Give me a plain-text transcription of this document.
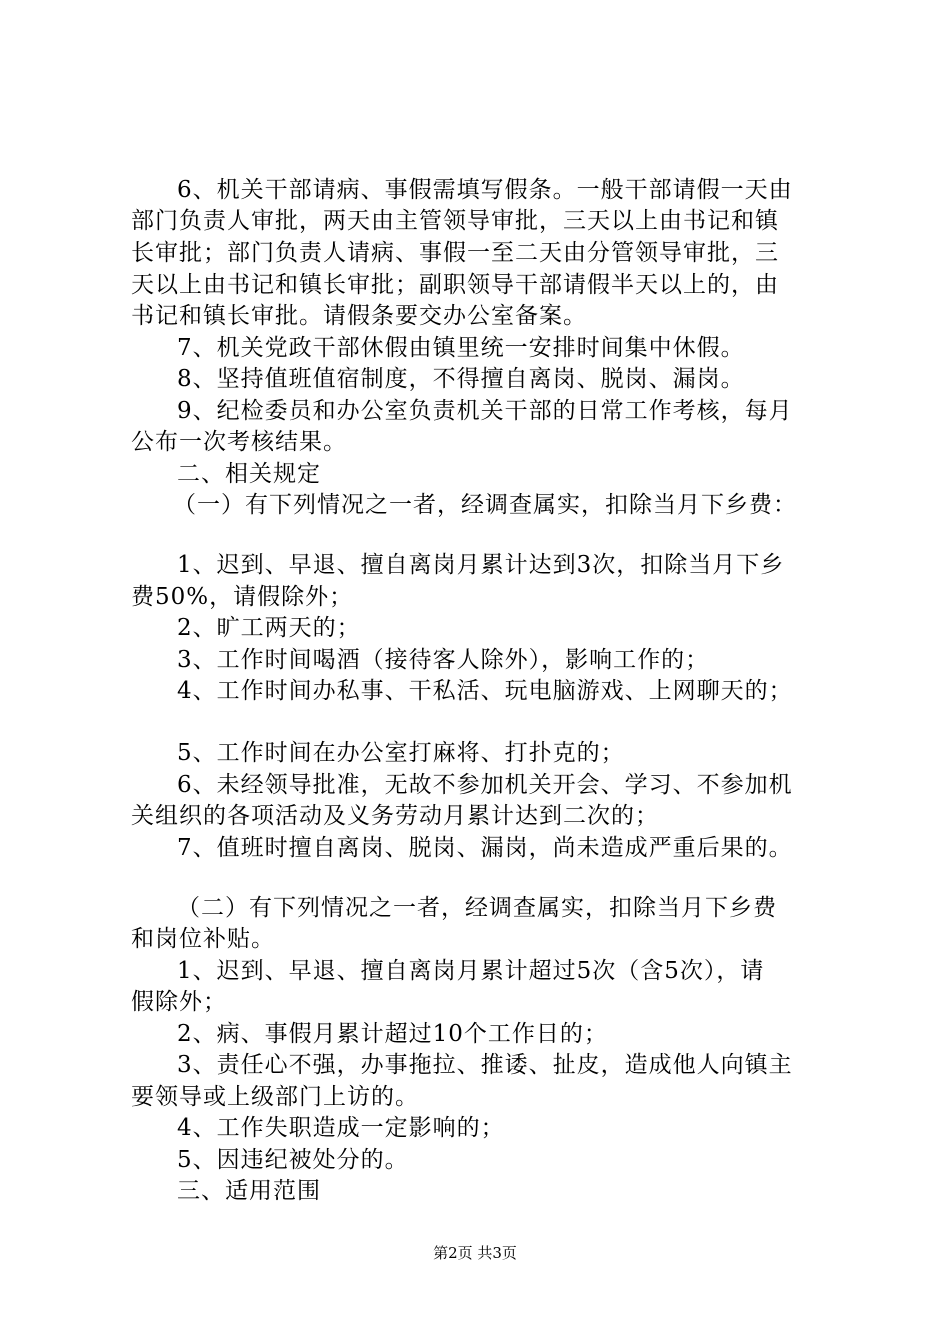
6、机关干部请病、事假需填写假条。一般干部请假一天由
部门负责人审批，两天由主管领导审批，三天以上由书记和镇
长审批；部门负责人请病、事假一至二天由分管领导审批，三
天以上由书记和镇长审批；副职领导干部请假半天以上的，由
书记和镇长审批。请假条要交办公室备案。
7、机关党政干部休假由镇里统一安排时间集中休假。
8、坚持值班值宿制度，不得擅自离岗、脱岗、漏岗。
9、纪检委员和办公室负责机关干部的日常工作考核，每月
公布一次考核结果。
二、相关规定
（一）有下列情况之一者，经调查属实，扣除当月下乡费：
1、迟到、早退、擅自离岗月累计达到3次，扣除当月下乡
费50%，请假除外；
2、旷工两天的；
3、工作时间喝酒（接待客人除外），影响工作的；
4、工作时间办私事、干私活、玩电脑游戏、上网聊天的；
5、工作时间在办公室打麻将、打扑克的；
6、未经领导批准，无故不参加机关开会、学习、不参加机
关组织的各项活动及义务劳动月累计达到二次的；
7、值班时擅自离岗、脱岗、漏岗，尚未造成严重后果的。
（二）有下列情况之一者，经调查属实，扣除当月下乡费
和岗位补贴。
1、迟到、早退、擅自离岗月累计超过5次（含5次），请
假除外；
2、病、事假月累计超过10个工作日的；
3、责任心不强，办事拖拉、推诿、扯皮，造成他人向镇主
要领导或上级部门上访的。
4、工作失职造成一定影响的；
5、因违纪被处分的。
三、适用范围
第2页 共3页
